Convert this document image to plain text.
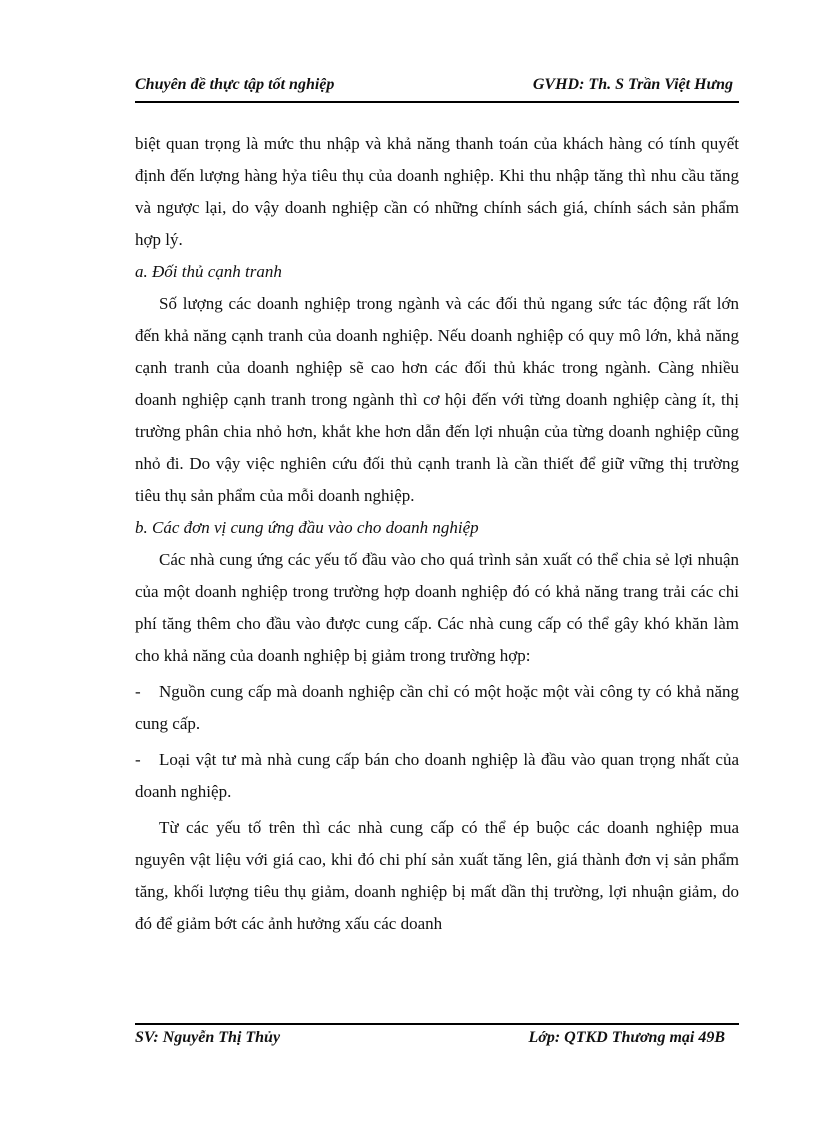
Chuyên đề thực tập tốt nghiệp	GVHD: Th. S Trần Việt Hưng

biệt quan trọng là mức thu nhập và khả năng thanh toán của khách hàng có tính quyết định đến lượng hàng hỷa tiêu thụ của doanh nghiệp. Khi thu nhập tăng thì nhu cầu tăng và ngược lại, do vậy doanh nghiệp cần có những chính sách giá, chính sách sản phẩm hợp lý.

a. Đối thủ cạnh tranh

Số lượng các doanh nghiệp trong ngành và các đối thủ ngang sức tác động rất lớn đến khả năng cạnh tranh của doanh nghiệp. Nếu doanh nghiệp có quy mô lớn, khả năng cạnh tranh của doanh nghiệp sẽ cao hơn các đối thủ khác trong ngành. Càng nhiều doanh nghiệp cạnh tranh trong ngành thì cơ hội đến với từng doanh nghiệp càng ít, thị trường phân chia nhỏ hơn, khắt khe hơn dẫn đến lợi nhuận của từng doanh nghiệp cũng nhỏ đi. Do vậy việc nghiên cứu đối thủ cạnh tranh là cần thiết để giữ vững thị trường tiêu thụ sản phẩm của mỗi doanh nghiệp.

b. Các đơn vị cung ứng đầu vào cho doanh nghiệp

Các nhà cung ứng các yếu tố đầu vào cho quá trình sản xuất có thể chia sẻ lợi nhuận của một doanh nghiệp trong trường hợp doanh nghiệp đó có khả năng trang trải các chi phí tăng thêm cho đầu vào được cung cấp. Các nhà cung cấp có thể gây khó khăn làm cho khả năng của doanh nghiệp bị giảm trong trường hợp:

- Nguồn cung cấp mà doanh nghiệp cần chỉ có một hoặc một vài công ty có khả năng cung cấp.

- Loại vật tư mà nhà cung cấp bán cho doanh nghiệp là đầu vào quan trọng nhất của doanh nghiệp.

Từ các yếu tố trên thì các nhà cung cấp có thể ép buộc các doanh nghiệp mua nguyên vật liệu với giá cao, khi đó chi phí sản xuất tăng lên, giá thành đơn vị sản phẩm tăng, khối lượng tiêu thụ giảm, doanh nghiệp bị mất dần thị trường, lợi nhuận giảm, do đó để giảm bớt các ảnh hưởng xấu các doanh

SV: Nguyễn Thị Thủy	Lớp: QTKD Thương mại 49B
